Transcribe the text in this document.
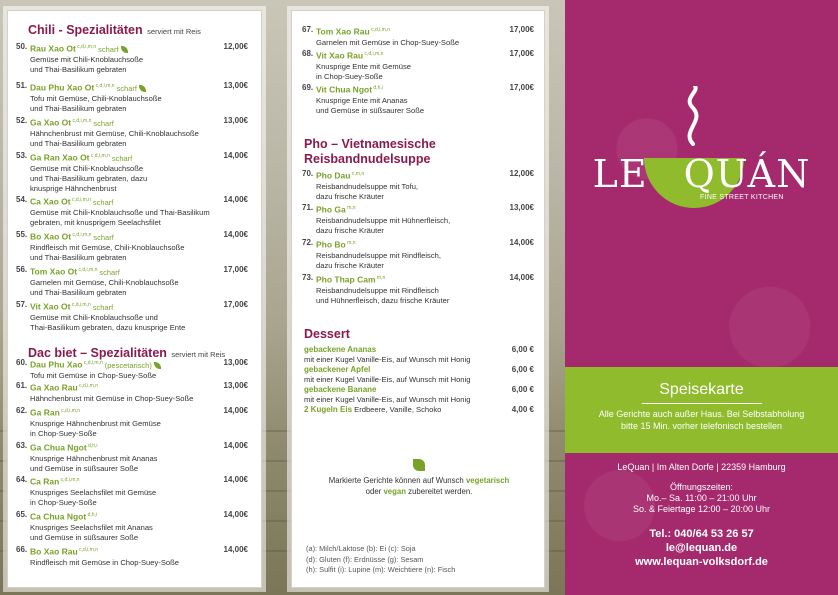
Chili - Spezialitäten serviert mit Reis
50. Rau Xao Ot $^{c,d,i,m,n}$ scharf	12,00€
Gemüse mit Chili-Knoblauchsoße
und Thai-Basilikum gebraten
51. Dau Phu Xao Ot $^{c,d,i,m,n}$ scharf	13,00€
Tofu mit Gemüse, Chili-Knoblauchsoße
und Thai-Basilikum gebraten
52. Ga Xao Ot $^{c,d,i,m,n}$ scharf	13,00€
Hähnchenbrust mit Gemüse, Chili-Knoblauchsoße
und Thai-Basilikum gebraten
53. Ga Ran Xao Ot $^{c,d,i,m,n}$ scharf	14,00€
Gemüse mit Chili-Knoblauchsoße
und Thai-Basilikum gebraten, dazu
knusprige Hähnchenbrust
54. Ca Xao Ot $^{c,d,i,m,n}$ scharf	14,00€
Gemüse mit Chili-Knoblauchsoße und Thai-Basilikum
gebraten, mit knusprigem Seelachsfilet
55. Bo Xao Ot $^{c,d,i,m,n}$ scharf	14,00€
Rindfleisch mit Gemüse, Chili-Knoblauchsoße
und Thai-Basilikum gebraten
56. Tom Xao Ot $^{c,d,i,m,n}$ scharf	17,00€
Garnelen mit Gemüse, Chili-Knoblauchsoße
und Thai-Basilikum gebraten
57. Vit Xao Ot $^{c,d,i,m,n}$ scharf	17,00€
Gemüse mit Chili-Knoblauchsoße und
Thai-Basilikum gebraten, dazu knusprige Ente
Dac biet – Spezialitäten serviert mit Reis
60. Dau Phu Xao $^{c,d,i,m,n}$ (pescetarisch)	13,00€
Tofu mit Gemüse in Chop-Suey-Soße
61. Ga Xao Rau $^{c,d,i,m,n}$	13,00€
Hähnchenbrust mit Gemüse in Chop-Suey-Soße
62. Ga Ran $^{c,d,i,m,n}$	14,00€
Knusprige Hähnchenbrust mit Gemüse
in Chop-Suey-Soße
63. Ga Chua Ngot $^{d,h,i}$	14,00€
Knusprige Hähnchenbrust mit Ananas
und Gemüse in süßsaurer Soße
64. Ca Ran $^{c,d,i,m,n}$	14,00€
Knuspriges Seelachsfilet mit Gemüse
in Chop-Suey-Soße
65. Ca Chua Ngot $^{d,h,i}$	14,00€
Knuspriges Seelachsfilet mit Ananas
und Gemüse in süßsaurer Soße
66. Bo Xao Rau $^{c,d,i,m,n}$	14,00€
Rindfleisch mit Gemüse in Chop-Suey-Soße
67. Tom Xao Rau $^{c,d,i,m,n}$	17,00€
Garnelen mit Gemüse in Chop-Suey-Soße
68. Vit Xao Rau $^{c,d,i,m,n}$	17,00€
Knusprige Ente mit Gemüse
in Chop-Suey-Soße
69. Vit Chua Ngot $^{d,h,i}$	17,00€
Knusprige Ente mit Ananas
und Gemüse in süßsaurer Soße
Pho – Vietnamesische
Reisbandnudelsuppe
70. Pho Dau $^{c,m,n}$	12,00€
Reisbandnudelsuppe mit Tofu,
dazu frische Kräuter
71. Pho Ga $^{m,n}$	13,00€
Reisbandnudelsuppe mit Hühnerfleisch,
dazu frische Kräuter
72. Pho Bo $^{m,n}$	14,00€
Reisbandnudelsuppe mit Rindfleisch,
dazu frische Kräuter
73. Pho Thap Cam $^{m,n}$	14,00€
Reisbandnudelsuppe mit Rindfleisch
und Hühnerfleisch, dazu frische Kräuter
Dessert
gebackene Ananas	6,00 €
mit einer Kugel Vanille-Eis, auf Wunsch mit Honig
gebackener Apfel	6,00 €
mit einer Kugel Vanille-Eis, auf Wunsch mit Honig
gebackene Banane	6,00 €
mit einer Kugel Vanille-Eis, auf Wunsch mit Honig
2 Kugeln Eis Erdbeere, Vanille, Schoko	4,00 €
Markierte Gerichte können auf Wunsch vegetarisch
oder vegan zubereitet werden.
(a): Milch/Laktose (b): Ei (c): Soja
(d): Gluten (f): Erdnüsse (g): Sesam
(h): Sulfit (i): Lupine (m): Weichtiere (n): Fisch
LE QUÁN
FINE STREET KITCHEN
Speisekarte
Alle Gerichte auch außer Haus. Bei Selbstabholung
bitte 15 Min. vorher telefonisch bestellen
LeQuan | Im Alten Dorfe | 22359 Hamburg
Öffnungszeiten:
Mo.– Sa. 11:00 – 21:00 Uhr
So. & Feiertage 12:00 – 20:00 Uhr
Tel.: 040/64 53 26 57
le@lequan.de
www.lequan-volksdorf.de
